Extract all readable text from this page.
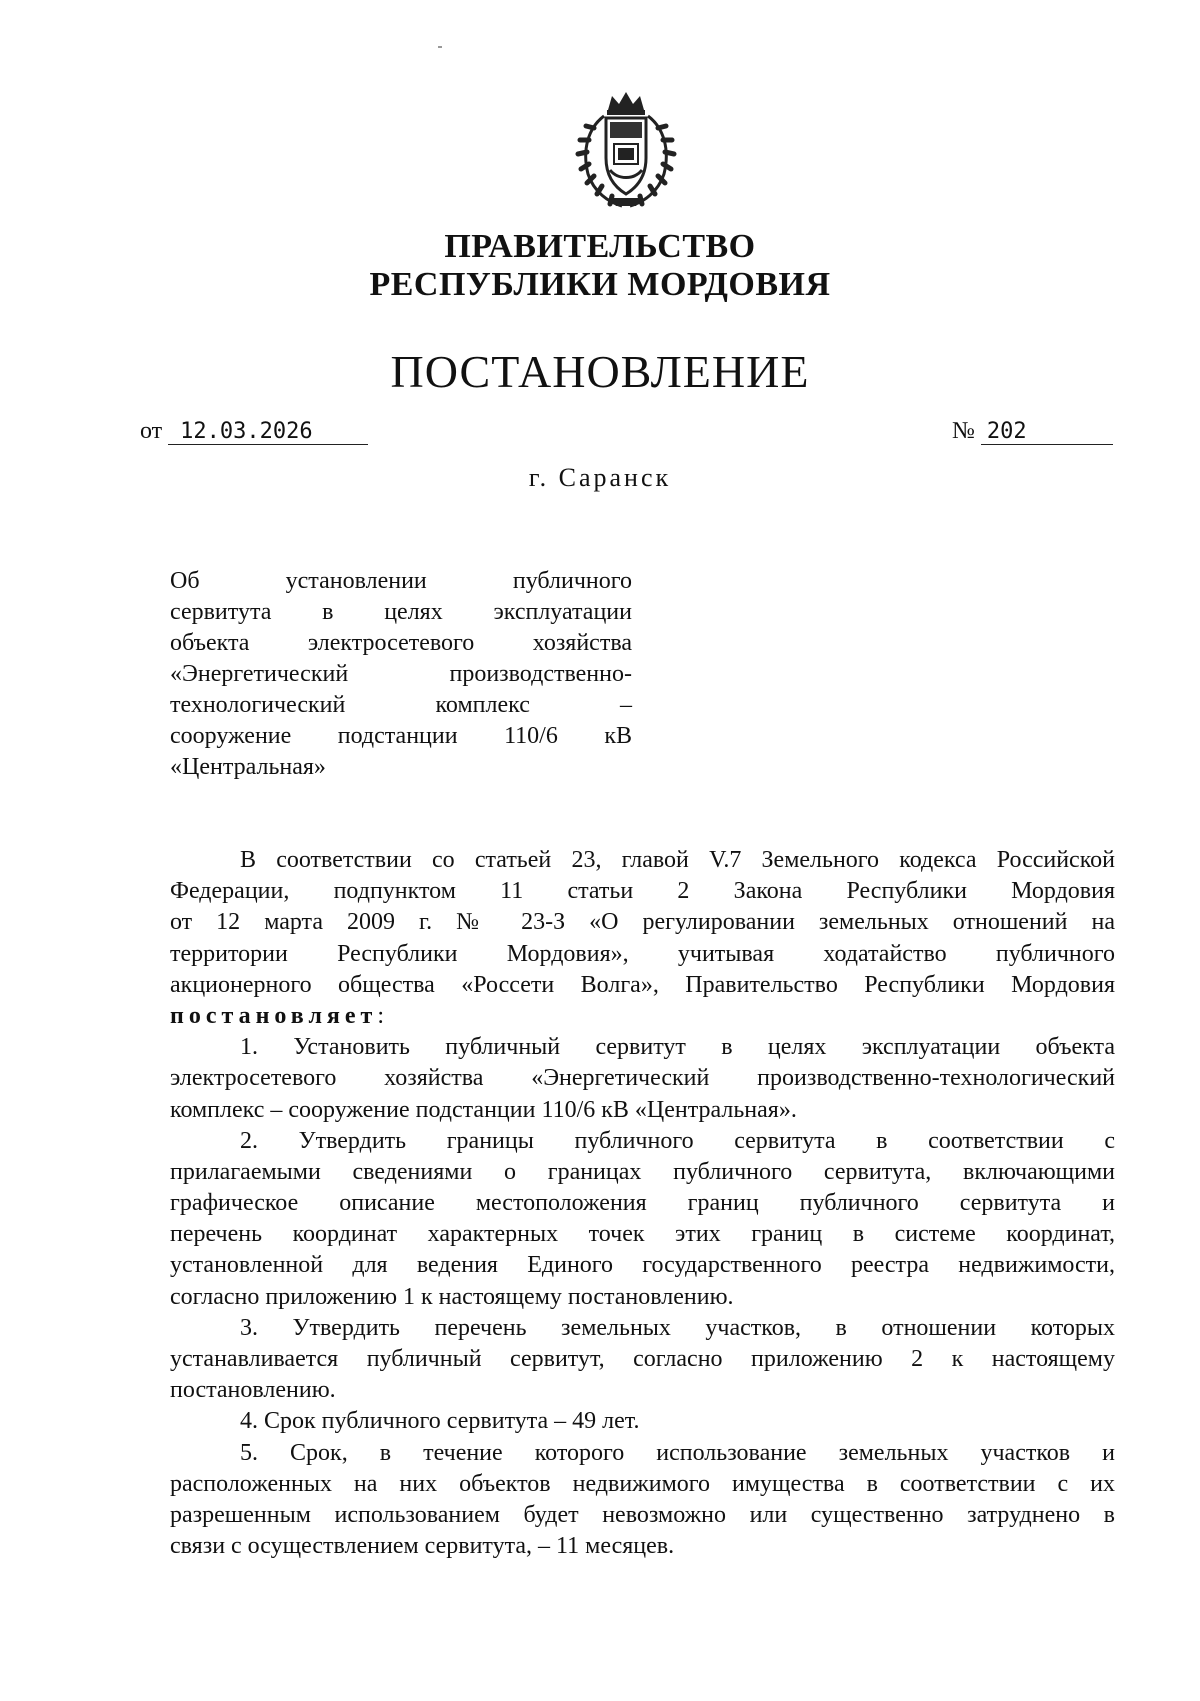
ПРАВИТЕЛЬСТВО
РЕСПУБЛИКИ МОРДОВИЯ
ПОСТАНОВЛЕНИЕ
от 12.03.2026	№ 202
г. Саранск
Об установлении публичного
сервитута в целях эксплуатации
объекта электросетевого хозяйства
«Энергетический производственно-
технологический комплекс –
сооружение подстанции 110/6 кВ
«Центральная»
В соответствии со статьей 23, главой V.7 Земельного кодекса Российской
Федерации, подпунктом 11 статьи 2 Закона Республики Мордовия
от 12 марта 2009 г. № 23-З «О регулировании земельных отношений на
территории Республики Мордовия», учитывая ходатайство публичного
акционерного общества «Россети Волга», Правительство Республики Мордовия
постановляет:
1. Установить публичный сервитут в целях эксплуатации объекта
электросетевого хозяйства «Энергетический производственно-технологический
комплекс – сооружение подстанции 110/6 кВ «Центральная».
2. Утвердить границы публичного сервитута в соответствии с
прилагаемыми сведениями о границах публичного сервитута, включающими
графическое описание местоположения границ публичного сервитута и
перечень координат характерных точек этих границ в системе координат,
установленной для ведения Единого государственного реестра недвижимости,
согласно приложению 1 к настоящему постановлению.
3. Утвердить перечень земельных участков, в отношении которых
устанавливается публичный сервитут, согласно приложению 2 к настоящему
постановлению.
4. Срок публичного сервитута – 49 лет.
5. Срок, в течение которого использование земельных участков и
расположенных на них объектов недвижимого имущества в соответствии с их
разрешенным использованием будет невозможно или существенно затруднено в
связи с осуществлением сервитута, – 11 месяцев.
